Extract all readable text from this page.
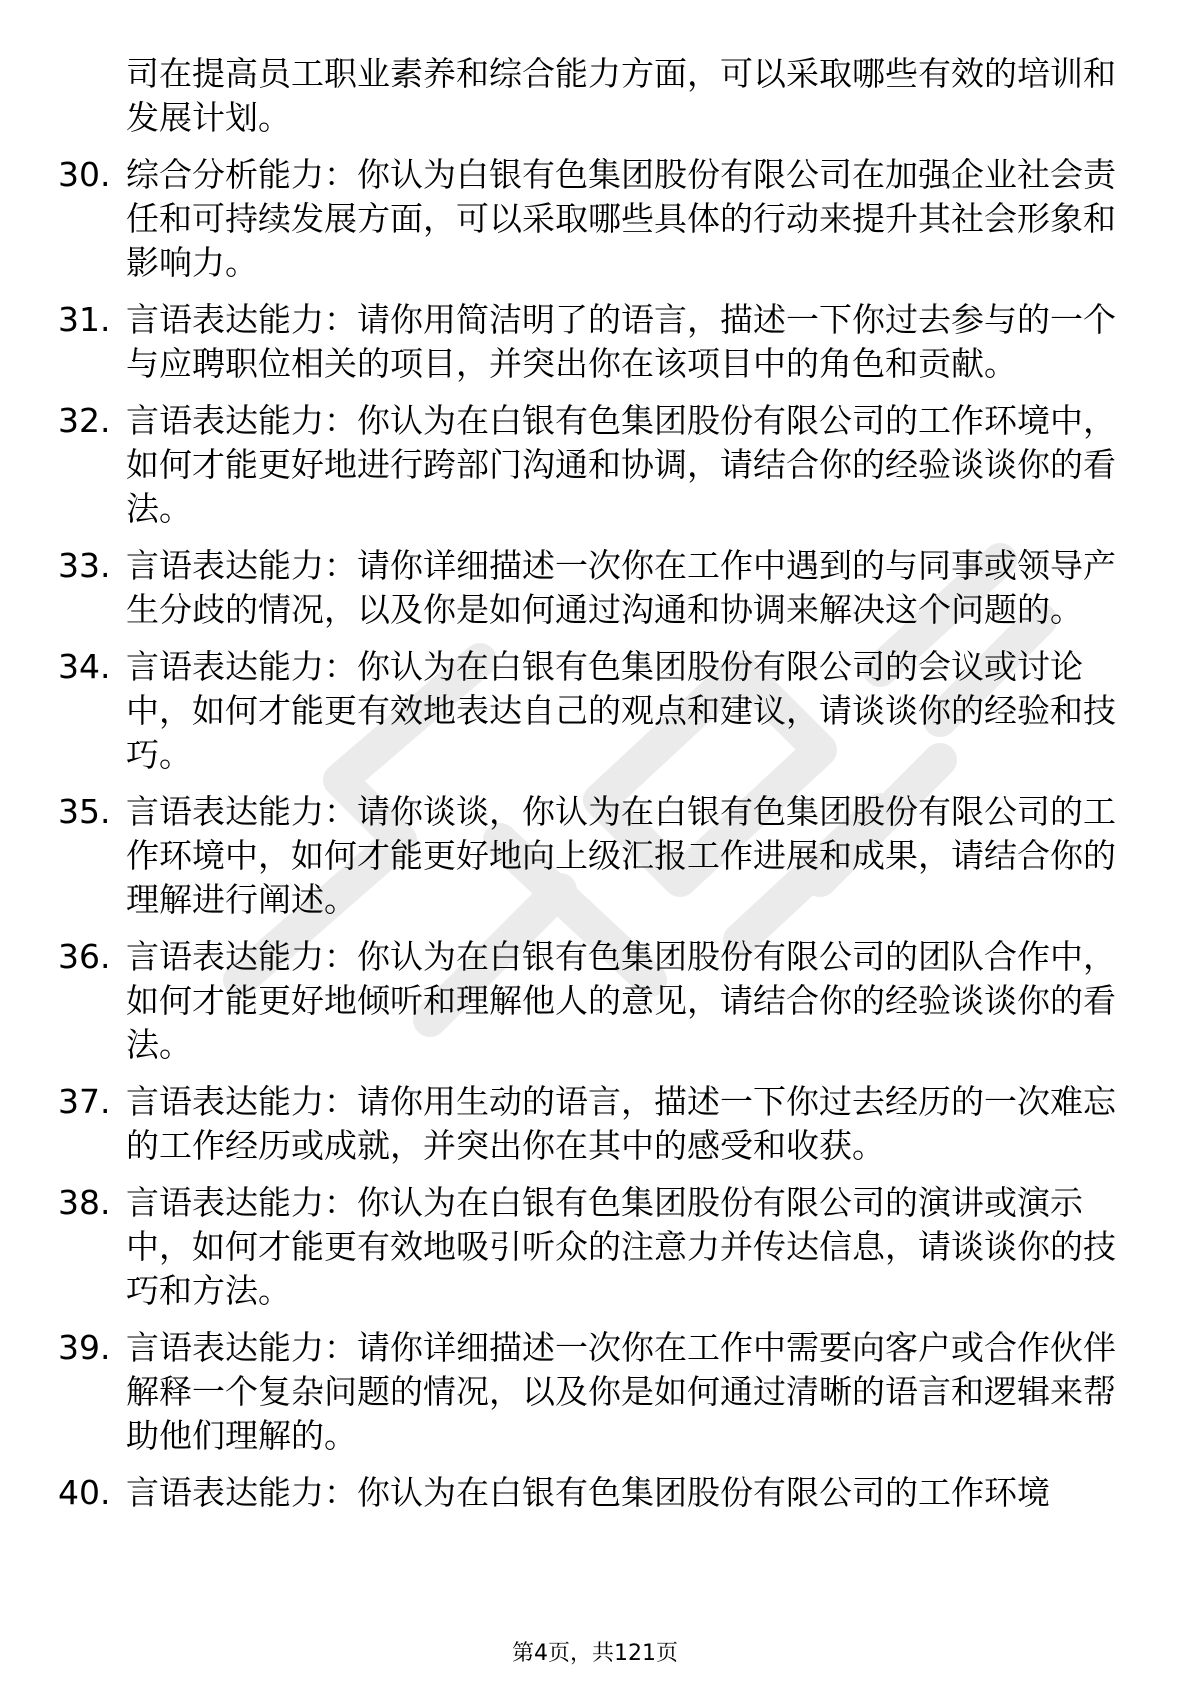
司在提高员工职业素养和综合能力方面，可以采取哪些有效的培训和发展计划。

30. 综合分析能力：你认为白银有色集团股份有限公司在加强企业社会责任和可持续发展方面，可以采取哪些具体的行动来提升其社会形象和影响力。
31. 言语表达能力：请你用简洁明了的语言，描述一下你过去参与的一个与应聘职位相关的项目，并突出你在该项目中的角色和贡献。
32. 言语表达能力：你认为在白银有色集团股份有限公司的工作环境中，如何才能更好地进行跨部门沟通和协调，请结合你的经验谈谈你的看法。
33. 言语表达能力：请你详细描述一次你在工作中遇到的与同事或领导产生分歧的情况，以及你是如何通过沟通和协调来解决这个问题的。
34. 言语表达能力：你认为在白银有色集团股份有限公司的会议或讨论中，如何才能更有效地表达自己的观点和建议，请谈谈你的经验和技巧。
35. 言语表达能力：请你谈谈，你认为在白银有色集团股份有限公司的工作环境中，如何才能更好地向上级汇报工作进展和成果，请结合你的理解进行阐述。
36. 言语表达能力：你认为在白银有色集团股份有限公司的团队合作中，如何才能更好地倾听和理解他人的意见，请结合你的经验谈谈你的看法。
37. 言语表达能力：请你用生动的语言，描述一下你过去经历的一次难忘的工作经历或成就，并突出你在其中的感受和收获。
38. 言语表达能力：你认为在白银有色集团股份有限公司的演讲或演示中，如何才能更有效地吸引听众的注意力并传达信息，请谈谈你的技巧和方法。
39. 言语表达能力：请你详细描述一次你在工作中需要向客户或合作伙伴解释一个复杂问题的情况，以及你是如何通过清晰的语言和逻辑来帮助他们理解的。
40. 言语表达能力：你认为在白银有色集团股份有限公司的工作环境
第4页，共121页
